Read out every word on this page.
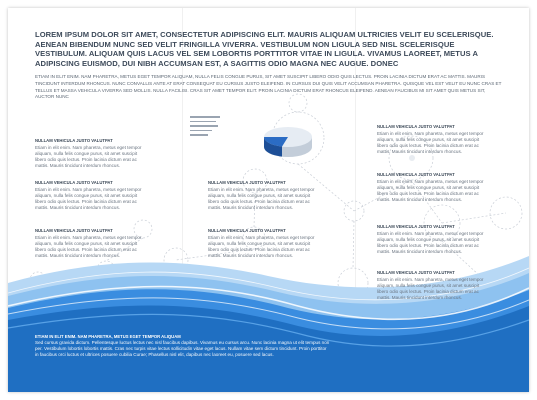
LOREM IPSUM DOLOR SIT AMET, CONSECTETUR ADIPISCING ELIT. MAURIS ALIQUAM ULTRICIES VELIT EU SCELERISQUE. AENEAN BIBENDUM NUNC SED VELIT FRINGILLA VIVERRA. VESTIBULUM NON LIGULA SED NISL SCELERISQUE VESTIBULUM. ALIQUAM QUIS LACUS VEL SEM LOBORTIS PORTTITOR VITAE IN LIGULA. VIVAMUS LAOREET, METUS A ADIPISCING EUISMOD, DUI NIBH ACCUMSAN EST, A SAGITTIS ODIO MAGNA NEC AUGUE. DONEC
ETIAM IN ELIT ENIM. NAM PHARETRA, METUS EGET TEMPOR ALIQUAM, NULLA FELIS CONGUE PURUS, SIT AMET SUSCIPIT LIBERO ODIO QUIS LECTUS. PROIN LACINIA DICTUM ERAT AC MATTIS. MAURIS TINCIDUNT INTERDUM RHONCUS. NUNC CONVALLIS ANTE AT ERAT CONSEQUAT EU CURSUS JUSTO ELEIFEND. IN CURSUS DUI QUIS VELIT ACCUMSAN PHARETRA. QUISQUE VEL EST VELIT EU NUNC CRAS ET TELLUS ET MASSA VEHICULA VIVERRA SED MOLLIS. NULLA FACILISI. CRAS SIT AMET TEMPOR ELIT. PROIN LACINIA DICTUM ERAT RHONCUS ELEIFEND. AENEAN FAUCIBUS MI SIT AMET QUIS METUS SIT, AUCTOR NUNC
NULLAM VEHICULA JUSTO VALUTPAT
Etiam in elit enim. Nam pharetra, metus eget tempor aliquam, nulla felis congue purus, sit amet suscipit libero odio quis lectus. Proin lacinia dictum erat ac mattis. Mauris tincidunt interdum rhoncus.
NULLAM VEHICULA JUSTO VALUTPAT
Etiam in elit enim. Nam pharetra, metus eget tempor aliquam, nulla felis congue purus, sit amet suscipit libero odio quis lectus. Proin lacinia dictum erat ac mattis. Mauris tincidunt interdum rhoncus.
NULLAM VEHICULA JUSTO VALUTPAT
Etiam in elit enim. Nam pharetra, metus eget tempor aliquam, nulla felis congue purus, sit amet suscipit libero odio quis lectus. Proin lacinia dictum erat ac mattis. Mauris tincidunt interdum rhoncus.
NULLAM VEHICULA JUSTO VALUTPAT
Etiam in elit enim. Nam pharetra, metus eget tempor aliquam, nulla felis congue purus, sit amet suscipit libero odio quis lectus. Proin lacinia dictum erat ac mattis. Mauris tincidunt interdum rhoncus.
NULLAM VEHICULA JUSTO VALUTPAT
Etiam in elit enim. Nam pharetra, metus eget tempor aliquam, nulla felis congue purus, sit amet suscipit libero odio quis lectus. Proin lacinia dictum erat ac mattis. Mauris tincidunt interdum rhoncus.
NULLAM VEHICULA JUSTO VALUTPAT
Etiam in elit enim. Nam pharetra, metus eget tempor aliquam, nulla felis congue purus, sit amet suscipit libero odio quis lectus. Proin lacinia dictum erat ac mattis. Mauris tincidunt interdum rhoncus.
NULLAM VEHICULA JUSTO VALUTPAT
Etiam in elit enim. Nam pharetra, metus eget tempor aliquam, nulla felis congue purus, sit amet suscipit libero odio quis lectus. Proin lacinia dictum erat ac mattis. Mauris tincidunt interdum rhoncus.
NULLAM VEHICULA JUSTO VALUTPAT
Etiam in elit enim. Nam pharetra, metus eget tempor aliquam, nulla felis congue purus, sit amet suscipit libero odio quis lectus. Proin lacinia dictum erat ac mattis. Mauris tincidunt interdum rhoncus.
NULLAM VEHICULA JUSTO VALUTPAT
Etiam in elit enim. Nam pharetra, metus eget tempor aliquam, nulla felis congue purus, sit amet suscipit libero odio quis lectus. Proin lacinia dictum erat ac mattis. Mauris tincidunt interdum rhoncus.
ETIAM IN ELIT ENIM. NAM PHARETRA, METUS EGET TEMPOR ALIQUAM
Sed cursus gravida dictum. Pellentesque luctus lectus nec nisl faucibus dapibus. Vivamus eu cursus arcu. Nunc lacinia magna ut elit tempus non per. Vestibulum lobortis lobortis mattis. Cras nec turpis vitae lectus sollicitudin vitae eget lacus. Nullam vitae sem dictum tincidunt. Proin porttitor in faucibus orci luctus et ultrices posuere cubilia Curae; Phasellus nisl elit, dapibus nec laoreet eu, posuere sed lacus.
